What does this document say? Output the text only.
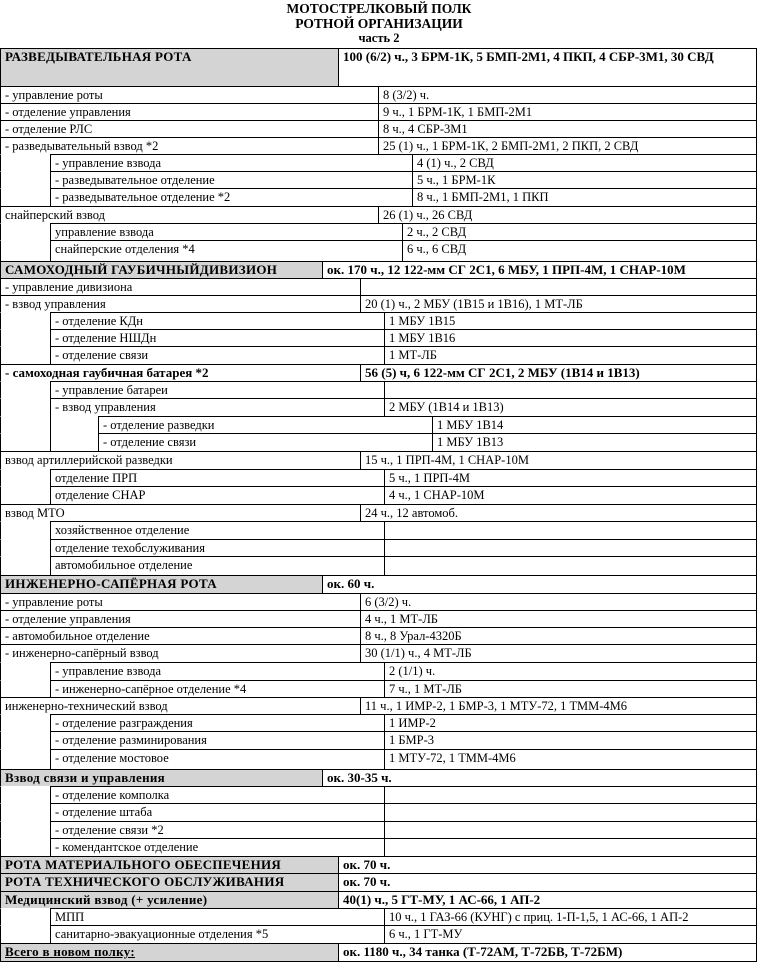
МОТОСТРЕЛКОВЫЙ ПОЛК
РОТНОЙ ОРГАНИЗАЦИИ
часть 2
РАЗВЕДЫВАТЕЛЬНАЯ РОТА	100 (6/2) ч., 3 БРМ-1К, 5 БМП-2М1, 4 ПКП, 4 СБР-3М1, 30 СВД
- управление роты	8 (3/2) ч.
- отделение управления	9 ч., 1 БРМ-1К, 1 БМП-2М1
- отделение РЛС	8 ч., 4 СБР-3М1
- разведывательный взвод *2	25 (1) ч., 1 БРМ-1К, 2 БМП-2М1, 2 ПКП, 2 СВД
- управление взвода	4 (1) ч., 2 СВД
- разведывательное отделение	5 ч., 1 БРМ-1К
- разведывательное отделение *2	8 ч., 1 БМП-2М1, 1 ПКП
снайперский взвод	26 (1) ч., 26 СВД
управление взвода	2 ч., 2 СВД
снайперские отделения *4	6 ч., 6 СВД
САМОХОДНЫЙ ГАУБИЧНЫЙДИВИЗИОН	ок. 170 ч., 12 122-мм СГ 2С1, 6 МБУ, 1 ПРП-4М, 1 СНАР-10М
- управление дивизиона
- взвод управления	20 (1) ч., 2 МБУ (1В15 и 1В16), 1 МТ-ЛБ
- отделение КДн	1 МБУ 1В15
- отделение НШДн	1 МБУ 1В16
- отделение связи	1 МТ-ЛБ
- самоходная гаубичная батарея *2	56 (5) ч, 6 122-мм СГ 2С1, 2 МБУ (1В14 и 1В13)
- управление батареи
- взвод управления	2 МБУ (1В14 и 1В13)
- отделение разведки	1 МБУ 1В14
- отделение связи	1 МБУ 1В13
взвод артиллерийской разведки	15 ч., 1 ПРП-4М, 1 СНАР-10М
отделение ПРП	5 ч., 1 ПРП-4М
отделение СНАР	4 ч., 1 СНАР-10М
взвод МТО	24 ч., 12 автомоб.
хозяйственное отделение
отделение техобслуживания
автомобильное отделение
ИНЖЕНЕРНО-САПЁРНАЯ РОТА	ок. 60 ч.
- управление роты	6 (3/2) ч.
- отделение управления	4 ч., 1 МТ-ЛБ
- автомобильное отделение	8 ч., 8 Урал-4320Б
- инженерно-сапёрный взвод	30 (1/1) ч., 4 МТ-ЛБ
- управление взвода	2 (1/1) ч.
- инженерно-сапёрное отделение *4	7 ч., 1 МТ-ЛБ
инженерно-технический взвод	11 ч., 1 ИМР-2, 1 БМР-3, 1 МТУ-72, 1 ТММ-4М6
- отделение разграждения	1 ИМР-2
- отделение разминирования	1 БМР-3
- отделение мостовое	1 МТУ-72, 1 ТММ-4М6
Взвод связи и управления	ок. 30-35 ч.
- отделение комполка
- отделение штаба
- отделение связи *2
- комендантское отделение
РОТА МАТЕРИАЛЬНОГО ОБЕСПЕЧЕНИЯ	ок. 70 ч.
РОТА ТЕХНИЧЕСКОГО ОБСЛУЖИВАНИЯ	ок. 70 ч.
Медицинский взвод (+ усиление)	40(1) ч., 5 ГТ-МУ, 1 АС-66, 1 АП-2
МПП	10 ч., 1 ГАЗ-66 (КУНГ) с приц. 1-П-1,5, 1 АС-66, 1 АП-2
санитарно-эвакуационные отделения *5	6 ч., 1 ГТ-МУ
Всего в новом полку:	ок. 1180 ч., 34 танка (Т-72АМ, Т-72БВ, Т-72БМ)
